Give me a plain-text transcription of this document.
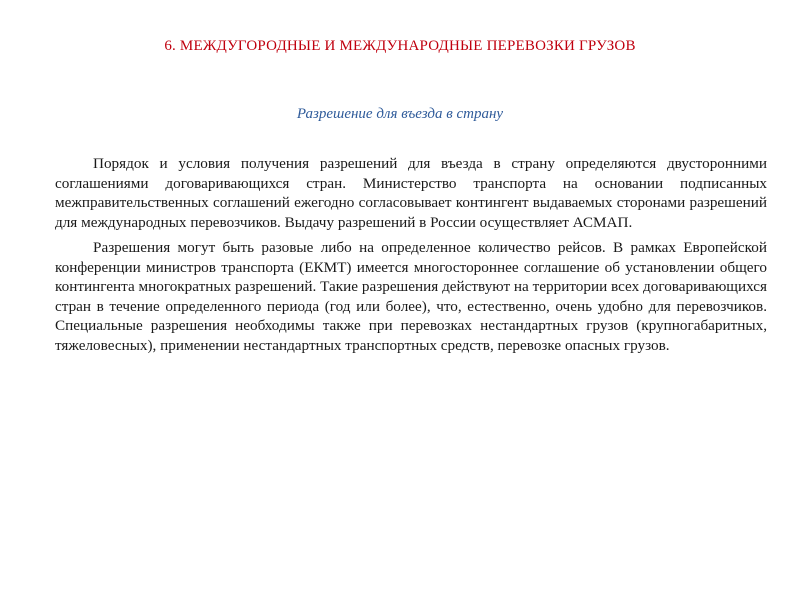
6. МЕЖДУГОРОДНЫЕ И МЕЖДУНАРОДНЫЕ ПЕРЕВОЗКИ ГРУЗОВ
Разрешение для въезда в страну

Порядок и условия получения разрешений для въезда в страну определяются двусторонними соглашениями договаривающихся стран. Министерство транспорта на основании подписанных межправительственных соглашений ежегодно согласовывает контингент выдаваемых сторонами разрешений для международных перевозчиков. Выдачу разрешений в России осуществляет АСМАП.

Разрешения могут быть разовые либо на определенное количество рейсов. В рамках Европейской конференции министров транспорта (ЕКМТ) имеется многостороннее соглашение об установлении общего контингента многократных разрешений. Такие разрешения действуют на территории всех договаривающихся стран в течение определенного периода (год или более), что, естественно, очень удобно для перевозчиков. Специальные разрешения необходимы также при перевозках нестандартных грузов (крупногабаритных, тяжеловесных), применении нестандартных транспортных средств, перевозке опасных грузов.
